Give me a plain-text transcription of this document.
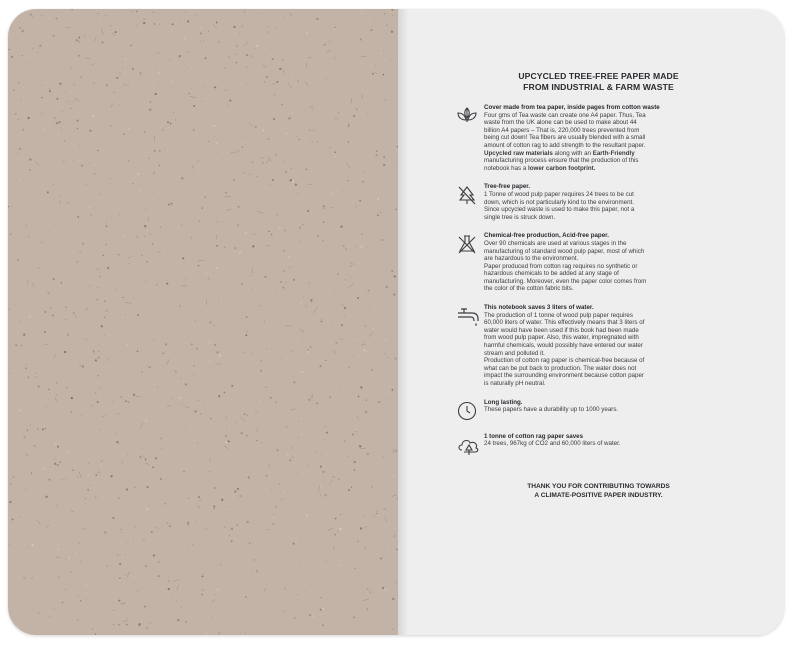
UPCYCLED TREE-FREE PAPER MADE
FROM INDUSTRIAL & FARM WASTE
Cover made from tea paper, inside pages from cotton waste
Four gms of Tea waste can create one A4 paper. Thus, Tea
waste from the UK alone can be used to make about 44
billion A4 papers – That is, 220,000 trees prevented from
being cut down! Tea fibers are usually blended with a small
amount of cotton rag to add strength to the resultant paper.
Upcycled raw materials along with an Earth-Friendly
manufacturing process ensure that the production of this
notebook has a lower carbon footprint.
Tree-free paper.
1 Tonne of wood pulp paper requires 24 trees to be cut
down, which is not particularly kind to the environment.
Since upcycled waste is used to make this paper, not a
single tree is struck down.
Chemical-free production, Acid-free paper.
Over 90 chemicals are used at various stages in the
manufacturing of standard wood pulp paper, most of which
are hazardous to the environment.
Paper produced from cotton rag requires no synthetic or
hazardous chemicals to be added at any stage of
manufacturing. Moreover, even the paper color comes from
the color of the cotton fabric bits.
This notebook saves 3 liters of water.
The production of 1 tonne of wood pulp paper requires
60,000 liters of water. This effectively means that 3 liters of
water would have been used if this book had been made
from wood pulp paper. Also, this water, impregnated with
harmful chemicals, would possibly have entered our water
stream and polluted it.
Production of cotton rag paper is chemical-free because of
what can be put back to production. The water does not
impact the surrounding environment because cotton paper
is naturally pH neutral.
Long lasting.
These papers have a durability up to 1000 years.
1 tonne of cotton rag paper saves
24 trees, 967kg of CO2 and 60,000 liters of water.
THANK YOU FOR CONTRIBUTING TOWARDS
A CLIMATE-POSITIVE PAPER INDUSTRY.
